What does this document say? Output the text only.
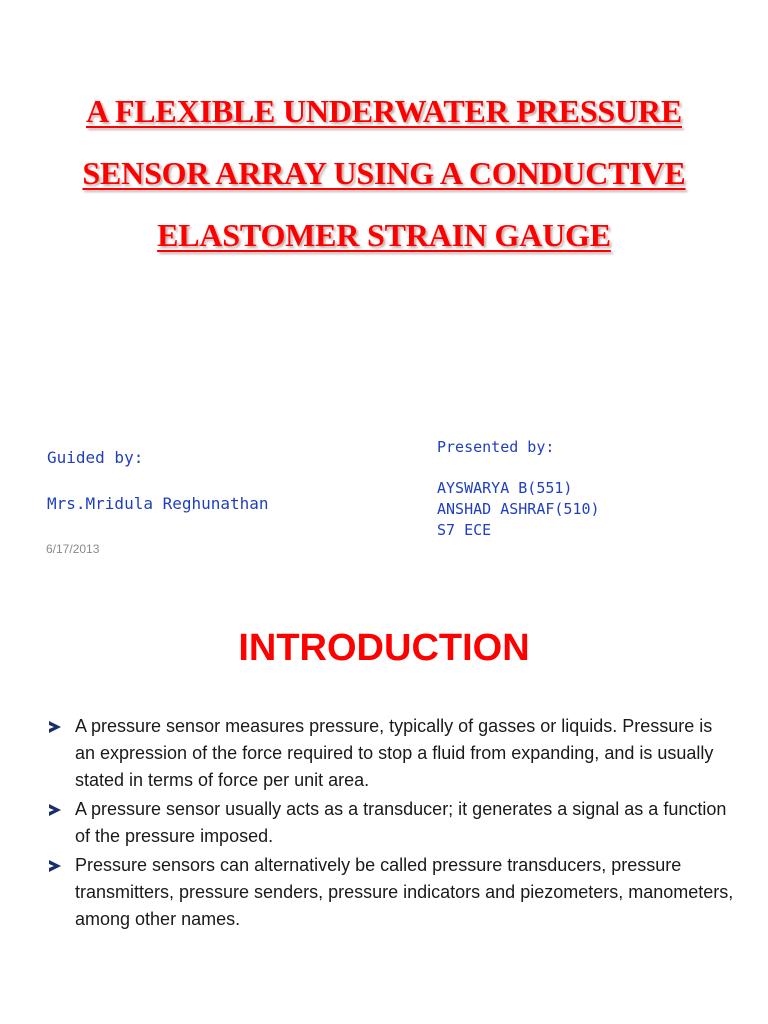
A FLEXIBLE UNDERWATER PRESSURE
SENSOR ARRAY USING A CONDUCTIVE
ELASTOMER STRAIN GAUGE
Guided by:
Mrs.Mridula Reghunathan
6/17/2013
Presented by:
AYSWARYA B(551)
ANSHAD ASHRAF(510)
S7 ECE
INTRODUCTION
A pressure sensor measures pressure, typically of gasses or liquids. Pressure is an expression of the force required to stop a fluid from expanding, and is usually stated in terms of force per unit area.
A pressure sensor usually acts as a transducer; it generates a signal as a function of the pressure imposed.
Pressure sensors can alternatively be called pressure transducers, pressure transmitters, pressure senders, pressure indicators and piezometers, manometers, among other names.
